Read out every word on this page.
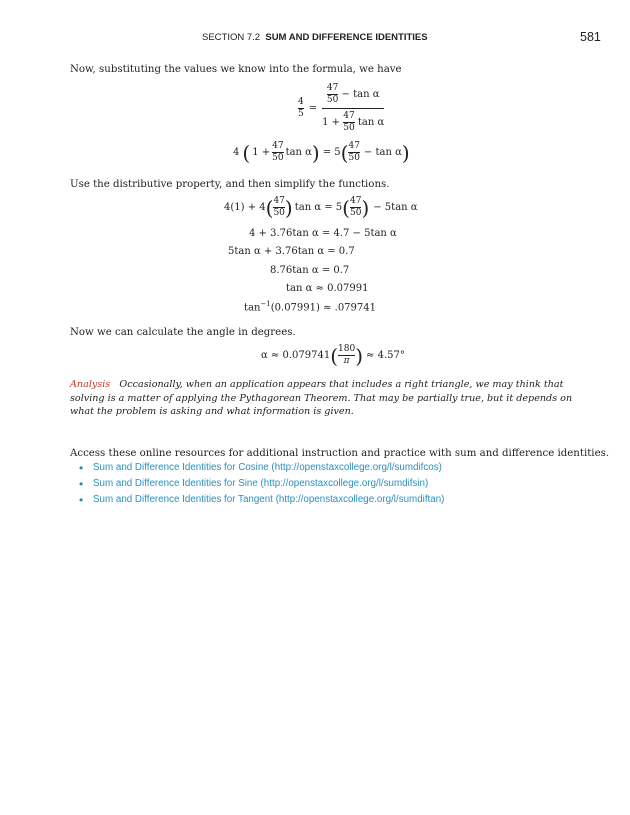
SECTION 7.2 SUM AND DIFFERENCE IDENTITIES	581
Now, substituting the values we know into the formula, we have
$\frac{4}{5} = \frac{\frac{47}{50} - \tan \alpha}{1 + \frac{47}{50} \tan \alpha}$
4 ( $1 + \frac{47}{50}$ tan α ) = 5 ( $\frac{47}{50} - \tan \alpha$ )
Use the distributive property, and then simplify the functions.
4(1) + 4 ( $\frac{47}{50}$ ) tan α = 5 ( $\frac{47}{50}$ ) − 5tan α
4 + 3.76tan α = 4.7 − 5tan α
5tan α + 3.76tan α = 0.7
8.76tan α = 0.7
tan α ≈ 0.07991
$\tan^{-1}(0.07991) \approx .079741$
Now we can calculate the angle in degrees.
α ≈ 0.079741 ( $\frac{180}{\pi}$ ) ≈ 4.57°
Analysis Occasionally, when an application appears that includes a right triangle, we may think that solving is a matter of applying the Pythagorean Theorem. That may be partially true, but it depends on what the problem is asking and what information is given.
Access these online resources for additional instruction and practice with sum and difference identities.
• Sum and Difference Identities for Cosine (http://openstaxcollege.org/l/sumdifcos)
• Sum and Difference Identities for Sine (http://openstaxcollege.org/l/sumdifsin)
• Sum and Difference Identities for Tangent (http://openstaxcollege.org/l/sumdiftan)
